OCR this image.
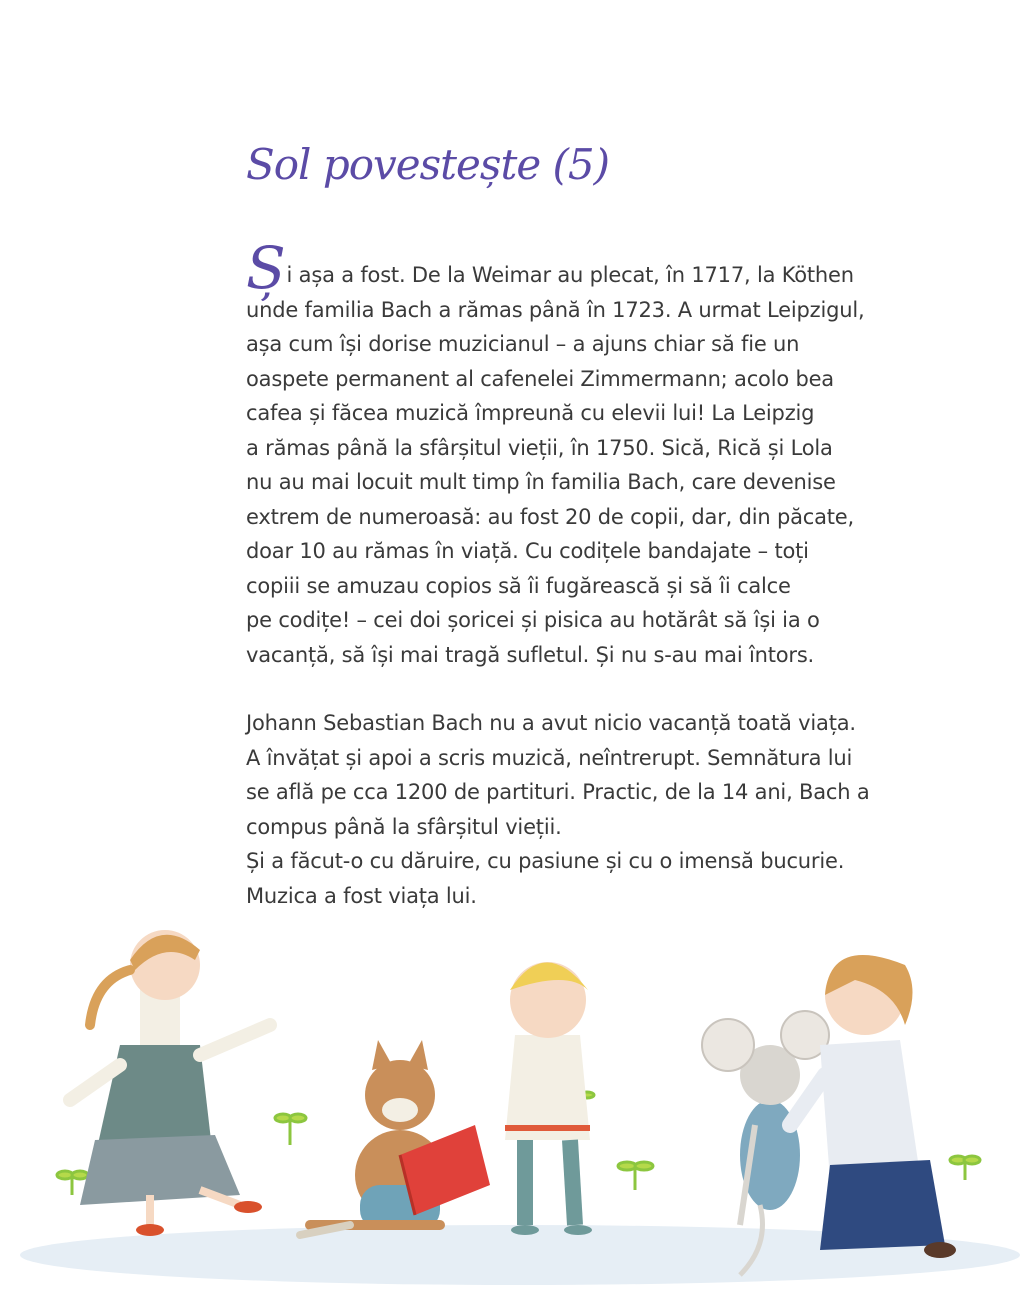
Sol povestește (5)
Și așa a fost. De la Weimar au plecat, în 1717, la Köthen
unde familia Bach a rămas până în 1723. A urmat Leipzigul,
așa cum își dorise muzicianul – a ajuns chiar să fie un
oaspete permanent al cafenelei Zimmermann; acolo bea
cafea și făcea muzică împreună cu elevii lui! La Leipzig
a rămas până la sfârșitul vieții, în 1750. Sică, Rică și Lola
nu au mai locuit mult timp în familia Bach, care devenise
extrem de numeroasă: au fost 20 de copii, dar, din păcate,
doar 10 au rămas în viață. Cu codițele bandajate – toți
copiii se amuzau copios să îi fugărească și să îi calce
pe codițe! – cei doi șoricei și pisica au hotărât să își ia o
vacanță, să își mai tragă sufletul. Și nu s-au mai întors.
Johann Sebastian Bach nu a avut nicio vacanță toată viața.
A învățat și apoi a scris muzică, neîntrerupt. Semnătura lui
se află pe cca 1200 de partituri. Practic, de la 14 ani, Bach a
compus până la sfârșitul vieții.
Și a făcut-o cu dăruire, cu pasiune și cu o imensă bucurie.
Muzica a fost viața lui.
